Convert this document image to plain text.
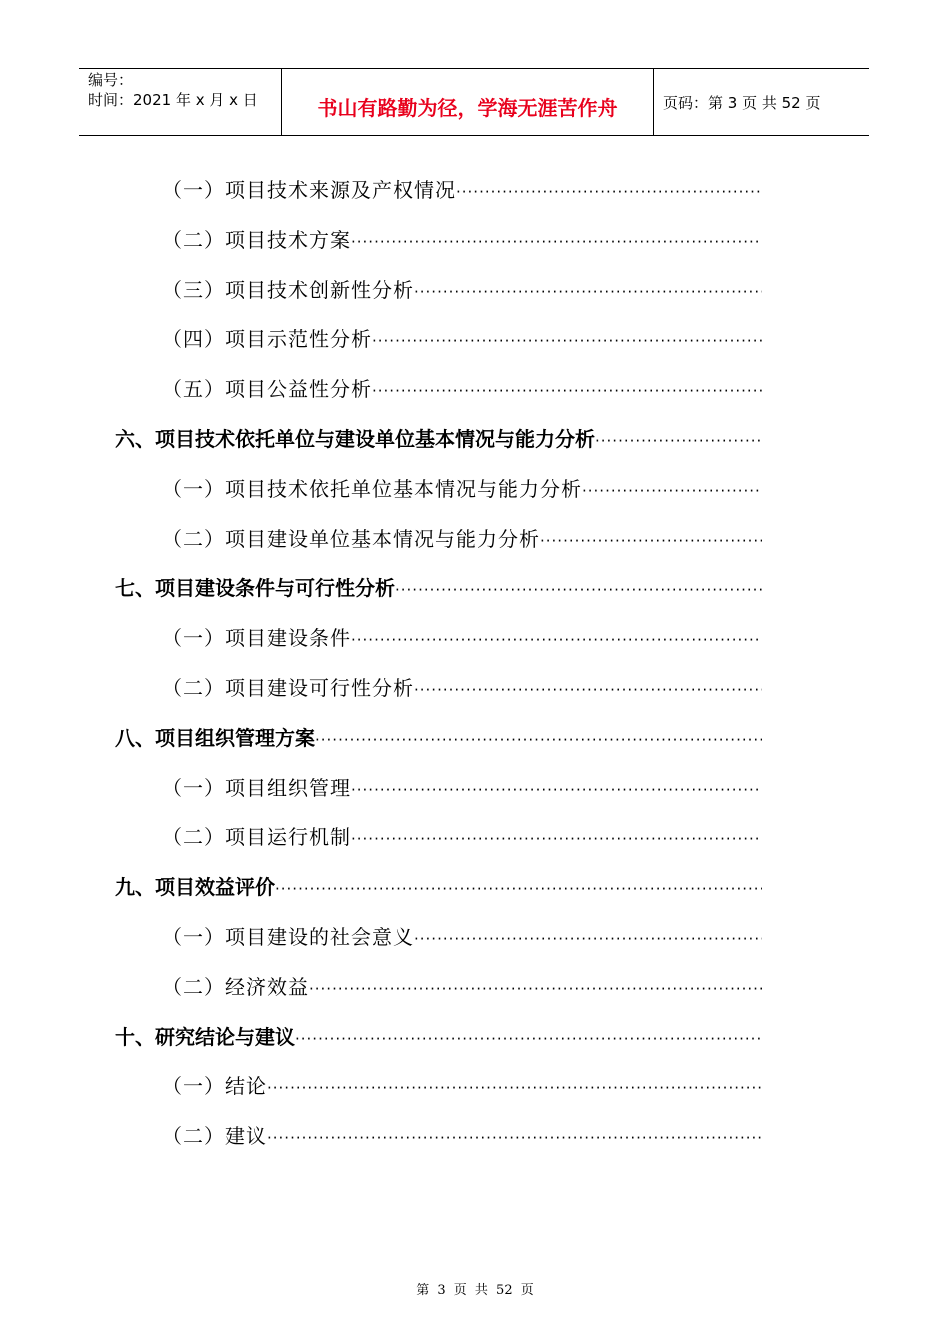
编号：
时间：2021 年 x 月 x 日	书山有路勤为径，学海无涯苦作舟	页码：第 3 页 共 52 页
（一）项目技术来源及产权情况
·····
（二）项目技术方案
·····
（三）项目技术创新性分析
·····
（四）项目示范性分析
·····
（五）项目公益性分析
·····
六、项目技术依托单位与建设单位基本情况与能力分析
·····
（一）项目技术依托单位基本情况与能力分析
·····
（二）项目建设单位基本情况与能力分析
·····
七、项目建设条件与可行性分析
·····
（一）项目建设条件
·····
（二）项目建设可行性分析
·····
八、项目组织管理方案
·····
（一）项目组织管理
·····
（二）项目运行机制
·····
九、项目效益评价
·····
（一）项目建设的社会意义
·····
（二）经济效益
·····
十、研究结论与建议
·····
（一）结论
·····
（二）建议
·····
第 3 页 共 52 页
